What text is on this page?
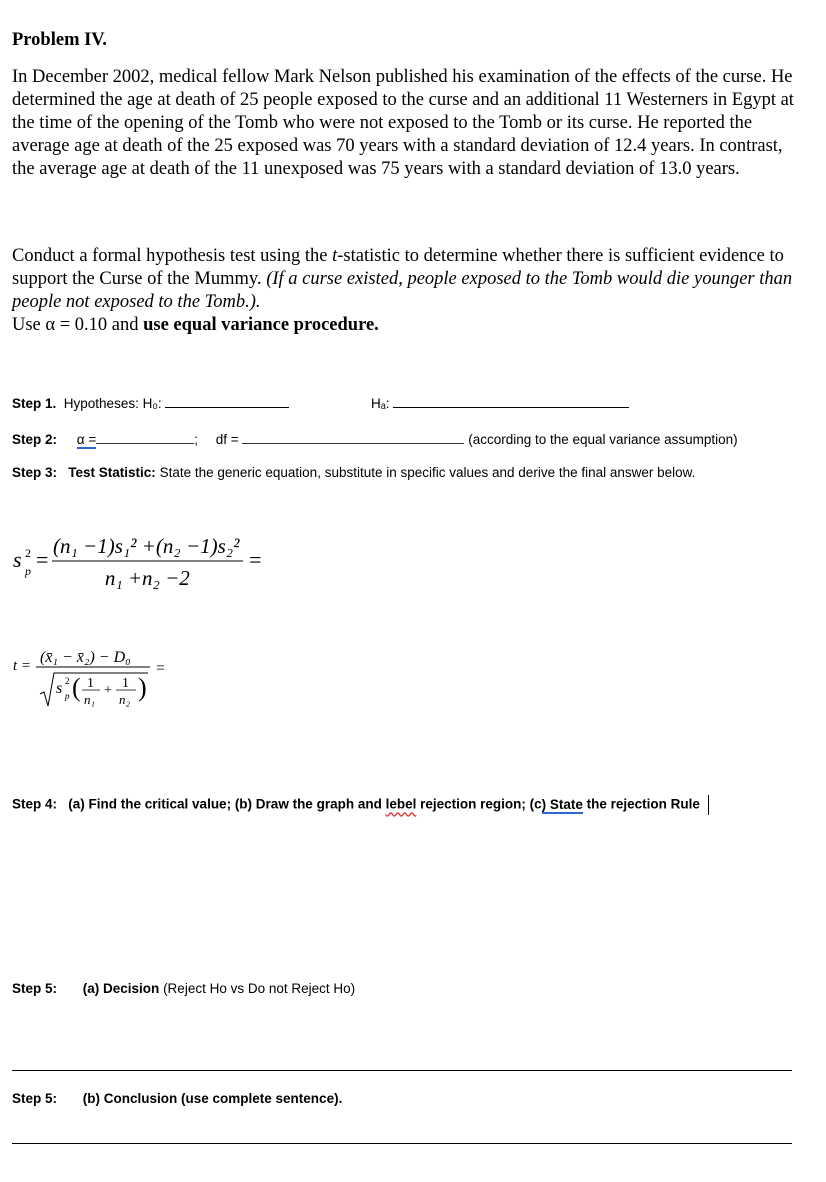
Problem IV.
In December 2002, medical fellow Mark Nelson published his examination of the effects of the curse. He determined the age at death of 25 people exposed to the curse and an additional 11 Westerners in Egypt at the time of the opening of the Tomb who were not exposed to the Tomb or its curse. He reported the average age at death of the 25 exposed was 70 years with a standard deviation of 12.4 years. In contrast, the average age at death of the 11 unexposed was 75 years with a standard deviation of 13.0 years.
Conduct a formal hypothesis test using the t-statistic to determine whether there is sufficient evidence to support the Curse of the Mummy. (If a curse existed, people exposed to the Tomb would die younger than people not exposed to the Tomb.).
Use α = 0.10 and use equal variance procedure.
Step 1. Hypotheses: H₀:	Hₐ:
Step 2: α =	; df =	(according to the equal variance assumption)
Step 3: Test Statistic: State the generic equation, substitute in specific values and derive the final answer below.
s 2
p =
(n₁ −1)s₁² +(n₂ −1)s₂²
n₁ +n₂ −2
=
t = (x̄₁ − x̄₂) − D₀
=
s 2
p ( 1
n₁
+ 1
n₂ )
Step 4: (a) Find the critical value; (b) Draw the graph and lebel rejection region; (c) State the rejection Rule
Step 5: (a) Decision (Reject Ho vs Do not Reject Ho)
Step 5: (b) Conclusion (use complete sentence).
